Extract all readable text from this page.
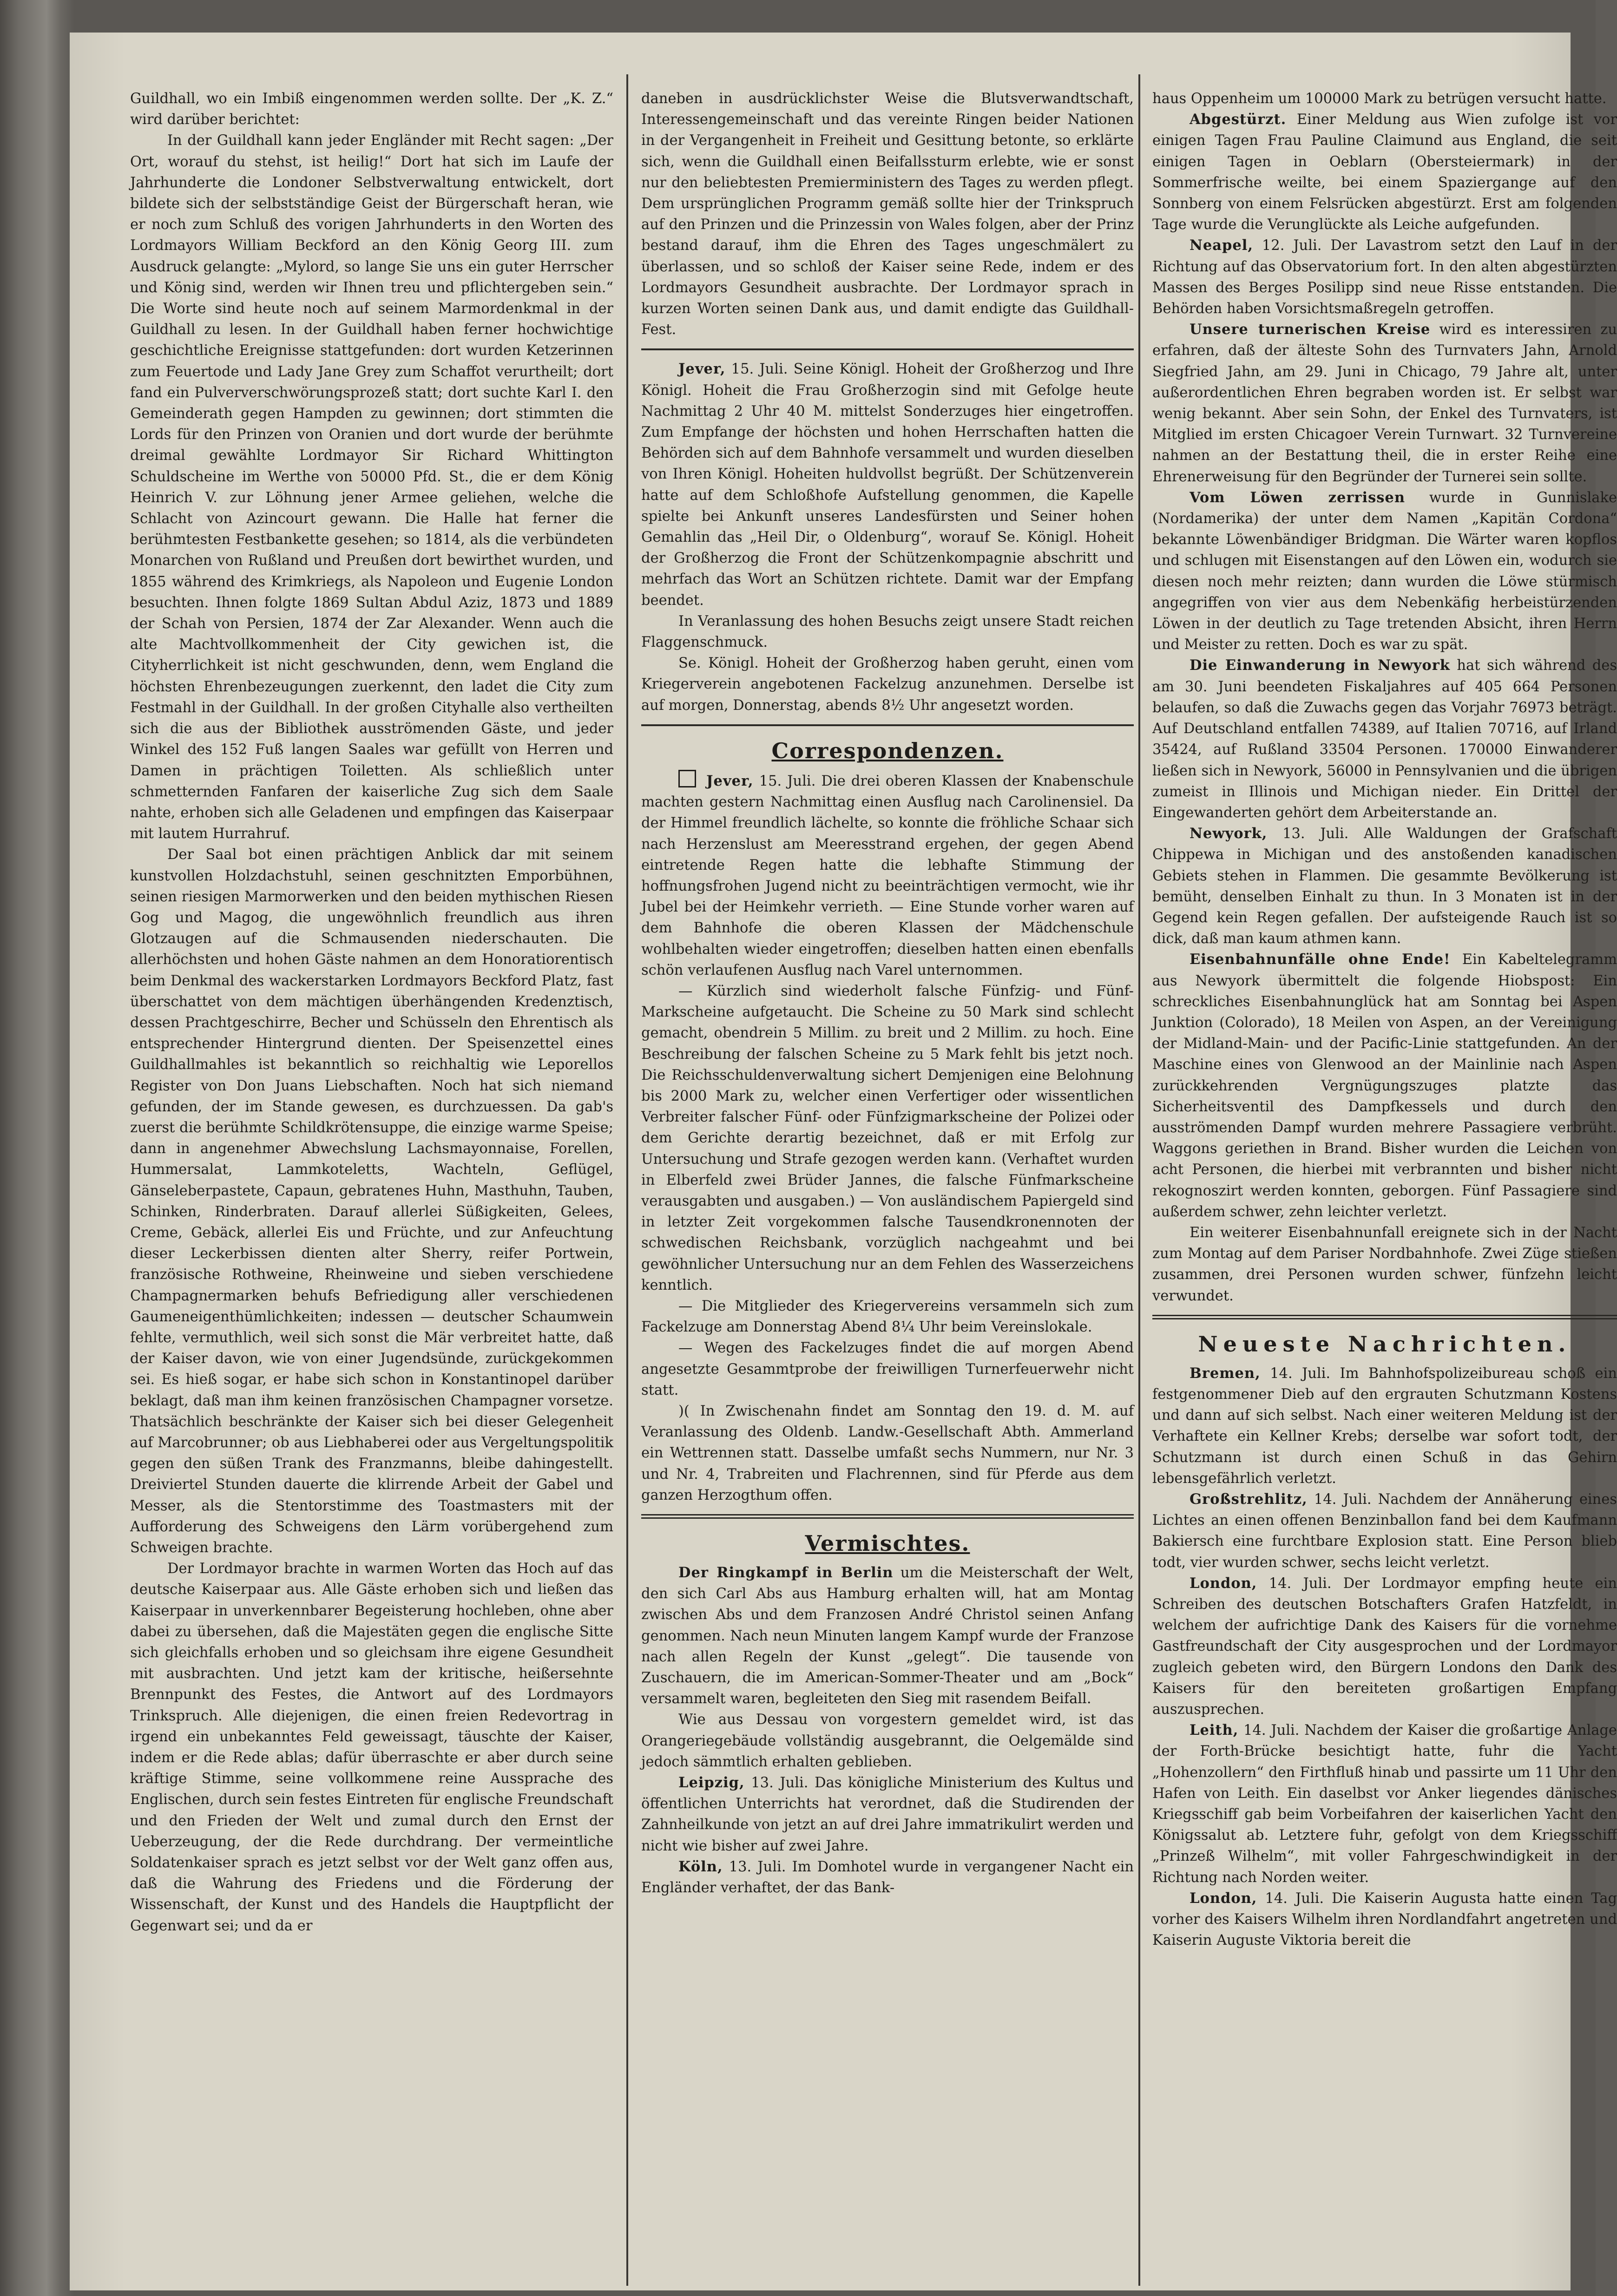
Guildhall, wo ein Imbiß eingenommen werden sollte. Der „K. Z.“ wird darüber berichtet:

In der Guildhall kann jeder Engländer mit Recht sagen: „Der Ort, worauf du stehst, ist heilig!“ Dort hat sich im Laufe der Jahrhunderte die Londoner Selbstverwaltung entwickelt, dort bildete sich der selbstständige Geist der Bürgerschaft heran, wie er noch zum Schluß des vorigen Jahrhunderts in den Worten des Lordmayors William Beckford an den König Georg III. zum Ausdruck gelangte: „Mylord, so lange Sie uns ein guter Herrscher und König sind, werden wir Ihnen treu und pflichtergeben sein.“ Die Worte sind heute noch auf seinem Marmordenkmal in der Guildhall zu lesen. In der Guildhall haben ferner hochwichtige geschichtliche Ereignisse stattgefunden: dort wurden Ketzerinnen zum Feuertode und Lady Jane Grey zum Schaffot verurtheilt; dort fand ein Pulververschwörungsprozeß statt; dort suchte Karl I. den Gemeinderath gegen Hampden zu gewinnen; dort stimmten die Lords für den Prinzen von Oranien und dort wurde der berühmte dreimal gewählte Lordmayor Sir Richard Whittington Schuldscheine im Werthe von 50000 Pfd. St., die er dem König Heinrich V. zur Löhnung jener Armee geliehen, welche die Schlacht von Azincourt gewann. Die Halle hat ferner die berühmtesten Festbankette gesehen; so 1814, als die verbündeten Monarchen von Rußland und Preußen dort bewirthet wurden, und 1855 während des Krimkriegs, als Napoleon und Eugenie London besuchten. Ihnen folgte 1869 Sultan Abdul Aziz, 1873 und 1889 der Schah von Persien, 1874 der Zar Alexander. Wenn auch die alte Machtvollkommenheit der City gewichen ist, die Cityherrlichkeit ist nicht geschwunden, denn, wem England die höchsten Ehrenbezeugungen zuerkennt, den ladet die City zum Festmahl in der Guildhall. In der großen Cityhalle also vertheilten sich die aus der Bibliothek ausströmenden Gäste, und jeder Winkel des 152 Fuß langen Saales war gefüllt von Herren und Damen in prächtigen Toiletten. Als schließlich unter schmetternden Fanfaren der kaiserliche Zug sich dem Saale nahte, erhoben sich alle Geladenen und empfingen das Kaiserpaar mit lautem Hurrahruf.

Der Saal bot einen prächtigen Anblick dar mit seinem kunstvollen Holzdachstuhl, seinen geschnitzten Emporbühnen, seinen riesigen Marmorwerken und den beiden mythischen Riesen Gog und Magog, die ungewöhnlich freundlich aus ihren Glotzaugen auf die Schmausenden niederschauten. Die allerhöchsten und hohen Gäste nahmen an dem Honoratiorentisch beim Denkmal des wackerstarken Lordmayors Beckford Platz, fast überschattet von dem mächtigen überhängenden Kredenztisch, dessen Prachtgeschirre, Becher und Schüsseln den Ehrentisch als entsprechender Hintergrund dienten. Der Speisenzettel eines Guildhallmahles ist bekanntlich so reichhaltig wie Leporellos Register von Don Juans Liebschaften. Noch hat sich niemand gefunden, der im Stande gewesen, es durchzuessen. Da gab's zuerst die berühmte Schildkrötensuppe, die einzige warme Speise; dann in angenehmer Abwechslung Lachsmayonnaise, Forellen, Hummersalat, Lammkoteletts, Wachteln, Geflügel, Gänseleberpastete, Capaun, gebratenes Huhn, Masthuhn, Tauben, Schinken, Rinderbraten. Darauf allerlei Süßigkeiten, Gelees, Creme, Gebäck, allerlei Eis und Früchte, und zur Anfeuchtung dieser Leckerbissen dienten alter Sherry, reifer Portwein, französische Rothweine, Rheinweine und sieben verschiedene Champagnermarken behufs Befriedigung aller verschiedenen Gaumeneigenthümlichkeiten; indessen — deutscher Schaumwein fehlte, vermuthlich, weil sich sonst die Mär verbreitet hatte, daß der Kaiser davon, wie von einer Jugendsünde, zurückgekommen sei. Es hieß sogar, er habe sich schon in Konstantinopel darüber beklagt, daß man ihm keinen französischen Champagner vorsetze. Thatsächlich beschränkte der Kaiser sich bei dieser Gelegenheit auf Marcobrunner; ob aus Liebhaberei oder aus Vergeltungspolitik gegen den süßen Trank des Franzmanns, bleibe dahingestellt. Dreiviertel Stunden dauerte die klirrende Arbeit der Gabel und Messer, als die Stentorstimme des Toastmasters mit der Aufforderung des Schweigens den Lärm vorübergehend zum Schweigen brachte.

Der Lordmayor brachte in warmen Worten das Hoch auf das deutsche Kaiserpaar aus. Alle Gäste erhoben sich und ließen das Kaiserpaar in unverkennbarer Begeisterung hochleben, ohne aber dabei zu übersehen, daß die Majestäten gegen die englische Sitte sich gleichfalls erhoben und so gleichsam ihre eigene Gesundheit mit ausbrachten. Und jetzt kam der kritische, heißersehnte Brennpunkt des Festes, die Antwort auf des Lordmayors Trinkspruch. Alle diejenigen, die einen freien Redevortrag in irgend ein unbekanntes Feld geweissagt, täuschte der Kaiser, indem er die Rede ablas; dafür überraschte er aber durch seine kräftige Stimme, seine vollkommene reine Aussprache des Englischen, durch sein festes Eintreten für englische Freundschaft und den Frieden der Welt und zumal durch den Ernst der Ueberzeugung, der die Rede durchdrang. Der vermeintliche Soldatenkaiser sprach es jetzt selbst vor der Welt ganz offen aus, daß die Wahrung des Friedens und die Förderung der Wissenschaft, der Kunst und des Handels die Hauptpflicht der Gegenwart sei; und da er

daneben in ausdrücklichster Weise die Blutsverwandtschaft, Interessengemeinschaft und das vereinte Ringen beider Nationen in der Vergangenheit in Freiheit und Gesittung betonte, so erklärte sich, wenn die Guildhall einen Beifallssturm erlebte, wie er sonst nur den beliebtesten Premierministern des Tages zu werden pflegt. Dem ursprünglichen Programm gemäß sollte hier der Trinkspruch auf den Prinzen und die Prinzessin von Wales folgen, aber der Prinz bestand darauf, ihm die Ehren des Tages ungeschmälert zu überlassen, und so schloß der Kaiser seine Rede, indem er des Lordmayors Gesundheit ausbrachte. Der Lordmayor sprach in kurzen Worten seinen Dank aus, und damit endigte das Guildhall-Fest.

Jever, 15. Juli. Seine Königl. Hoheit der Großherzog und Ihre Königl. Hoheit die Frau Großherzogin sind mit Gefolge heute Nachmittag 2 Uhr 40 M. mittelst Sonderzuges hier eingetroffen. Zum Empfange der höchsten und hohen Herrschaften hatten die Behörden sich auf dem Bahnhofe versammelt und wurden dieselben von Ihren Königl. Hoheiten huldvollst begrüßt. Der Schützenverein hatte auf dem Schloßhofe Aufstellung genommen, die Kapelle spielte bei Ankunft unseres Landesfürsten und Seiner hohen Gemahlin das „Heil Dir, o Oldenburg“, worauf Se. Königl. Hoheit der Großherzog die Front der Schützenkompagnie abschritt und mehrfach das Wort an Schützen richtete. Damit war der Empfang beendet.

In Veranlassung des hohen Besuchs zeigt unsere Stadt reichen Flaggenschmuck.

Se. Königl. Hoheit der Großherzog haben geruht, einen vom Kriegerverein angebotenen Fackelzug anzunehmen. Derselbe ist auf morgen, Donnerstag, abends 8½ Uhr angesetzt worden.

Correspondenzen.

Jever, 15. Juli. Die drei oberen Klassen der Knabenschule machten gestern Nachmittag einen Ausflug nach Carolinensiel. Da der Himmel freundlich lächelte, so konnte die fröhliche Schaar sich nach Herzenslust am Meeresstrand ergehen, der gegen Abend eintretende Regen hatte die lebhafte Stimmung der hoffnungsfrohen Jugend nicht zu beeinträchtigen vermocht, wie ihr Jubel bei der Heimkehr verrieth. — Eine Stunde vorher waren auf dem Bahnhofe die oberen Klassen der Mädchenschule wohlbehalten wieder eingetroffen; dieselben hatten einen ebenfalls schön verlaufenen Ausflug nach Varel unternommen.

— Kürzlich sind wiederholt falsche Fünfzig- und Fünf-Markscheine aufgetaucht. Die Scheine zu 50 Mark sind schlecht gemacht, obendrein 5 Millim. zu breit und 2 Millim. zu hoch. Eine Beschreibung der falschen Scheine zu 5 Mark fehlt bis jetzt noch. Die Reichsschuldenverwaltung sichert Demjenigen eine Belohnung bis 2000 Mark zu, welcher einen Verfertiger oder wissentlichen Verbreiter falscher Fünf- oder Fünfzigmarkscheine der Polizei oder dem Gerichte derartig bezeichnet, daß er mit Erfolg zur Untersuchung und Strafe gezogen werden kann. (Verhaftet wurden in Elberfeld zwei Brüder Jannes, die falsche Fünfmarkscheine verausgabten und ausgaben.) — Von ausländischem Papiergeld sind in letzter Zeit vorgekommen falsche Tausendkronennoten der schwedischen Reichsbank, vorzüglich nachgeahmt und bei gewöhnlicher Untersuchung nur an dem Fehlen des Wasserzeichens kenntlich.

— Die Mitglieder des Kriegervereins versammeln sich zum Fackelzuge am Donnerstag Abend 8¼ Uhr beim Vereinslokale.

— Wegen des Fackelzuges findet die auf morgen Abend angesetzte Gesammtprobe der freiwilligen Turnerfeuerwehr nicht statt.

)( In Zwischenahn findet am Sonntag den 19. d. M. auf Veranlassung des Oldenb. Landw.-Gesellschaft Abth. Ammerland ein Wettrennen statt. Dasselbe umfaßt sechs Nummern, nur Nr. 3 und Nr. 4, Trabreiten und Flachrennen, sind für Pferde aus dem ganzen Herzogthum offen.

Vermischtes.

Der Ringkampf in Berlin um die Meisterschaft der Welt, den sich Carl Abs aus Hamburg erhalten will, hat am Montag zwischen Abs und dem Franzosen André Christol seinen Anfang genommen. Nach neun Minuten langem Kampf wurde der Franzose nach allen Regeln der Kunst „gelegt“. Die tausende von Zuschauern, die im American-Sommer-Theater und am „Bock“ versammelt waren, begleiteten den Sieg mit rasendem Beifall.

Wie aus Dessau von vorgestern gemeldet wird, ist das Orangeriegebäude vollständig ausgebrannt, die Oelgemälde sind jedoch sämmtlich erhalten geblieben.

Leipzig, 13. Juli. Das königliche Ministerium des Kultus und öffentlichen Unterrichts hat verordnet, daß die Studirenden der Zahnheilkunde von jetzt an auf drei Jahre immatrikulirt werden und nicht wie bisher auf zwei Jahre.

Köln, 13. Juli. Im Domhotel wurde in vergangener Nacht ein Engländer verhaftet, der das Bank-

haus Oppenheim um 100000 Mark zu betrügen versucht hatte.

Abgestürzt. Einer Meldung aus Wien zufolge ist vor einigen Tagen Frau Pauline Claimund aus England, die seit einigen Tagen in Oeblarn (Obersteiermark) in der Sommerfrische weilte, bei einem Spaziergange auf den Sonnberg von einem Felsrücken abgestürzt. Erst am folgenden Tage wurde die Verunglückte als Leiche aufgefunden.

Neapel, 12. Juli. Der Lavastrom setzt den Lauf in der Richtung auf das Observatorium fort. In den alten abgestürzten Massen des Berges Posilipp sind neue Risse entstanden. Die Behörden haben Vorsichtsmaßregeln getroffen.

Unsere turnerischen Kreise wird es interessiren zu erfahren, daß der älteste Sohn des Turnvaters Jahn, Arnold Siegfried Jahn, am 29. Juni in Chicago, 79 Jahre alt, unter außerordentlichen Ehren begraben worden ist. Er selbst war wenig bekannt. Aber sein Sohn, der Enkel des Turnvaters, ist Mitglied im ersten Chicagoer Verein Turnwart. 32 Turnvereine nahmen an der Bestattung theil, die in erster Reihe eine Ehrenerweisung für den Begründer der Turnerei sein sollte.

Vom Löwen zerrissen wurde in Gunnislake (Nordamerika) der unter dem Namen „Kapitän Cordona“ bekannte Löwenbändiger Bridgman. Die Wärter waren kopflos und schlugen mit Eisenstangen auf den Löwen ein, wodurch sie diesen noch mehr reizten; dann wurden die Löwe stürmisch angegriffen von vier aus dem Nebenkäfig herbeistürzenden Löwen in der deutlich zu Tage tretenden Absicht, ihren Herrn und Meister zu retten. Doch es war zu spät.

Die Einwanderung in Newyork hat sich während des am 30. Juni beendeten Fiskaljahres auf 405 664 Personen belaufen, so daß die Zuwachs gegen das Vorjahr 76973 beträgt. Auf Deutschland entfallen 74389, auf Italien 70716, auf Irland 35424, auf Rußland 33504 Personen. 170000 Einwanderer ließen sich in Newyork, 56000 in Pennsylvanien und die übrigen zumeist in Illinois und Michigan nieder. Ein Drittel der Eingewanderten gehört dem Arbeiterstande an.

Newyork, 13. Juli. Alle Waldungen der Grafschaft Chippewa in Michigan und des anstoßenden kanadischen Gebiets stehen in Flammen. Die gesammte Bevölkerung ist bemüht, denselben Einhalt zu thun. In 3 Monaten ist in der Gegend kein Regen gefallen. Der aufsteigende Rauch ist so dick, daß man kaum athmen kann.

Eisenbahnunfälle ohne Ende! Ein Kabeltelegramm aus Newyork übermittelt die folgende Hiobspost: Ein schreckliches Eisenbahnunglück hat am Sonntag bei Aspen Junktion (Colorado), 18 Meilen von Aspen, an der Vereinigung der Midland-Main- und der Pacific-Linie stattgefunden. An der Maschine eines von Glenwood an der Mainlinie nach Aspen zurückkehrenden Vergnügungszuges platzte das Sicherheitsventil des Dampfkessels und durch den ausströmenden Dampf wurden mehrere Passagiere verbrüht. Waggons geriethen in Brand. Bisher wurden die Leichen von acht Personen, die hierbei mit verbrannten und bisher nicht rekognoszirt werden konnten, geborgen. Fünf Passagiere sind außerdem schwer, zehn leichter verletzt.

Ein weiterer Eisenbahnunfall ereignete sich in der Nacht zum Montag auf dem Pariser Nordbahnhofe. Zwei Züge stießen zusammen, drei Personen wurden schwer, fünfzehn leicht verwundet.

Neueste Nachrichten.

Bremen, 14. Juli. Im Bahnhofspolizeibureau schoß ein festgenommener Dieb auf den ergrauten Schutzmann Kostens und dann auf sich selbst. Nach einer weiteren Meldung ist der Verhaftete ein Kellner Krebs; derselbe war sofort todt, der Schutzmann ist durch einen Schuß in das Gehirn lebensgefährlich verletzt.

Großstrehlitz, 14. Juli. Nachdem der Annäherung eines Lichtes an einen offenen Benzinballon fand bei dem Kaufmann Bakiersch eine furchtbare Explosion statt. Eine Person blieb todt, vier wurden schwer, sechs leicht verletzt.

London, 14. Juli. Der Lordmayor empfing heute ein Schreiben des deutschen Botschafters Grafen Hatzfeldt, in welchem der aufrichtige Dank des Kaisers für die vornehme Gastfreundschaft der City ausgesprochen und der Lordmayor zugleich gebeten wird, den Bürgern Londons den Dank des Kaisers für den bereiteten großartigen Empfang auszusprechen.

Leith, 14. Juli. Nachdem der Kaiser die großartige Anlage der Forth-Brücke besichtigt hatte, fuhr die Yacht „Hohenzollern“ den Firthfluß hinab und passirte um 11 Uhr den Hafen von Leith. Ein daselbst vor Anker liegendes dänisches Kriegsschiff gab beim Vorbeifahren der kaiserlichen Yacht den Königssalut ab. Letztere fuhr, gefolgt von dem Kriegsschiff „Prinzeß Wilhelm“, mit voller Fahrgeschwindigkeit in der Richtung nach Norden weiter.

London, 14. Juli. Die Kaiserin Augusta hatte einen Tag vorher des Kaisers Wilhelm ihren Nordlandfahrt angetreten und Kaiserin Auguste Viktoria bereit die
